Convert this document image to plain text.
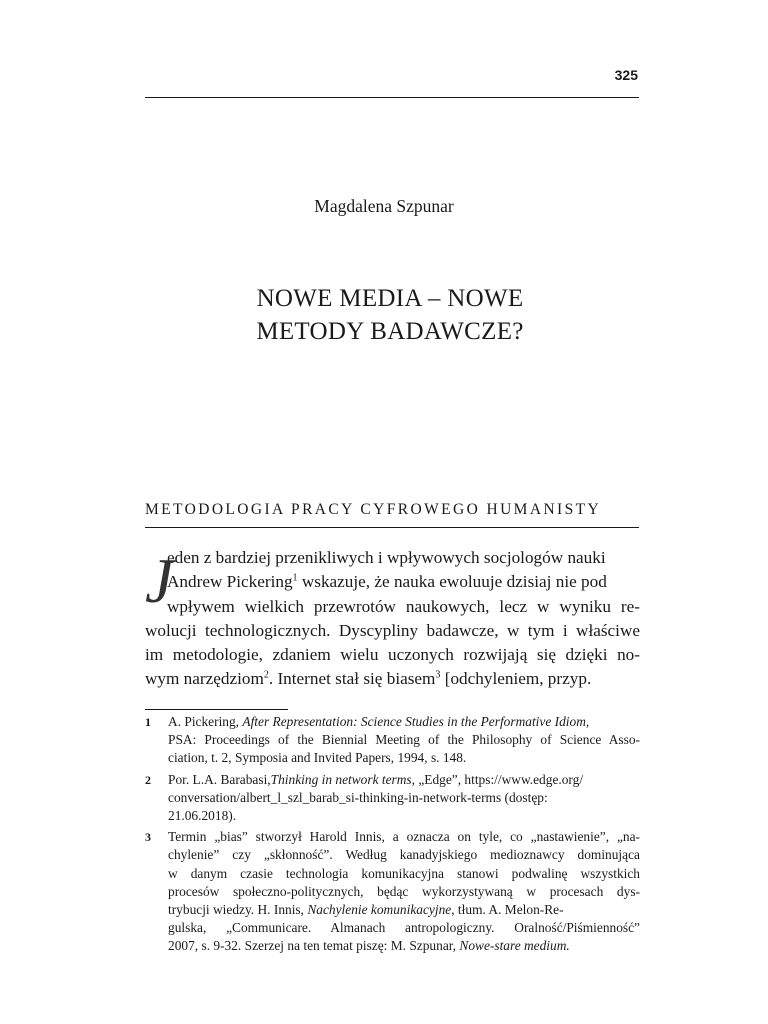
325
Magdalena Szpunar
NOWE MEDIA – NOWE
METODY BADAWCZE?
METODOLOGIA PRACY CYFROWEGO HUMANISTY
J
eden z bardziej przenikliwych i wpływowych socjologów nauki
Andrew Pickering$^1$ wskazuje, że nauka ewoluuje dzisiaj nie pod
wpływem wielkich przewrotów naukowych, lecz w wyniku re-
wolucji technologicznych. Dyscypliny badawcze, w tym i właściwe
im metodologie, zdaniem wielu uczonych rozwijają się dzięki no-
wym narzędziom$^2$. Internet stał się biasem$^3$ [odchyleniem, przyp.
1 A. Pickering, After Representation: Science Studies in the Performative Idiom,
PSA: Proceedings of the Biennial Meeting of the Philosophy of Science Asso-
ciation, t. 2, Symposia and Invited Papers, 1994, s. 148.
2 Por. L.A. Barabasi,Thinking in network terms, „Edge”, https://www.edge.org/
conversation/albert_l_szl_barab_si-thinking-in-network-terms (dostęp:
21.06.2018).
3 Termin „bias” stworzył Harold Innis, a oznacza on tyle, co „nastawienie”, „na-
chylenie” czy „skłonność”. Według kanadyjskiego medioznawcy dominująca
w danym czasie technologia komunikacyjna stanowi podwalinę wszystkich
procesów społeczno-politycznych, będąc wykorzystywaną w procesach dys-
trybucji wiedzy. H. Innis, Nachylenie komunikacyjne, tłum. A. Melon-Re-
gulska, „Communicare. Almanach antropologiczny. Oralność/Piśmienność”
2007, s. 9-32. Szerzej na ten temat piszę: M. Szpunar, Nowe-stare medium.
